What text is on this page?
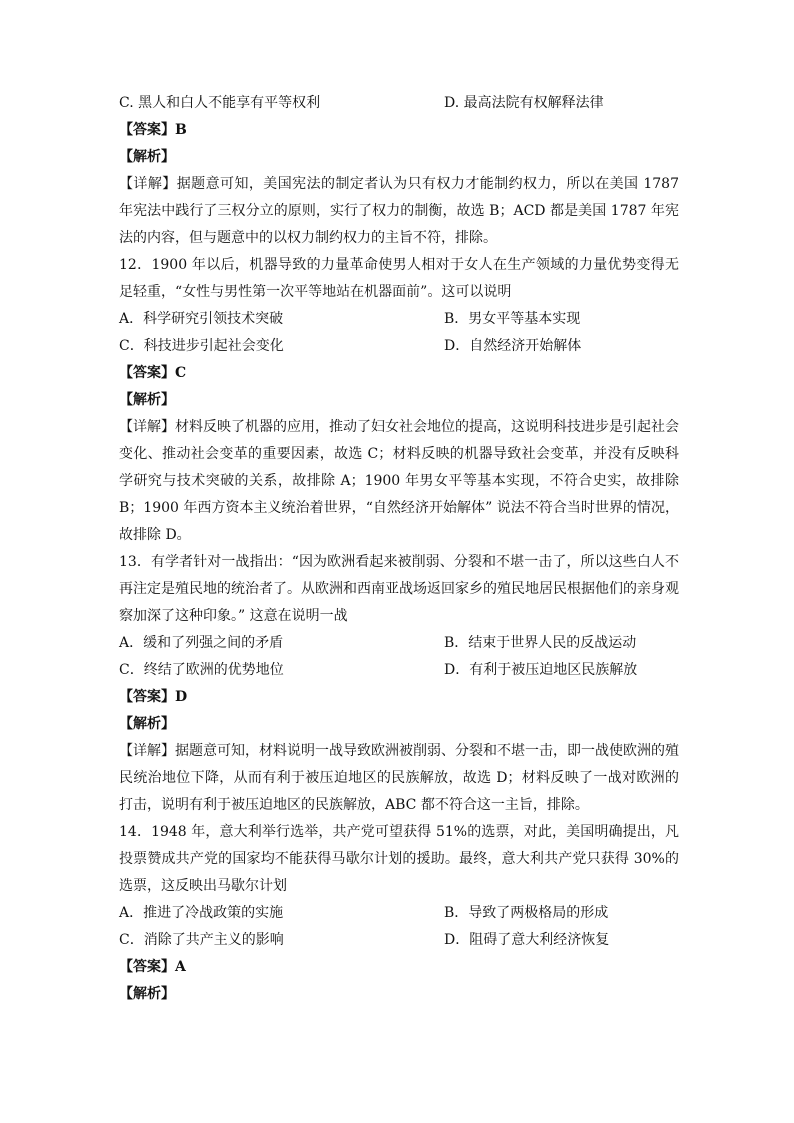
C. 黑人和白人不能享有平等权利	D. 最高法院有权解释法律
【答案】B
【解析】
【详解】据题意可知，美国宪法的制定者认为只有权力才能制约权力，所以在美国 1787 年宪法中践行了三权分立的原则，实行了权力的制衡，故选 B；ACD 都是美国 1787 年宪法的内容，但与题意中的以权力制约权力的主旨不符，排除。
12．1900 年以后，机器导致的力量革命使男人相对于女人在生产领域的力量优势变得无足轻重，“女性与男性第一次平等地站在机器面前”。这可以说明
A．科学研究引领技术突破	B．男女平等基本实现
C．科技进步引起社会变化	D．自然经济开始解体
【答案】C
【解析】
【详解】材料反映了机器的应用，推动了妇女社会地位的提高，这说明科技进步是引起社会变化、推动社会变革的重要因素，故选 C；材料反映的机器导致社会变革，并没有反映科学研究与技术突破的关系，故排除 A；1900 年男女平等基本实现，不符合史实，故排除 B；1900 年西方资本主义统治着世界，“自然经济开始解体” 说法不符合当时世界的情况，故排除 D。
13．有学者针对一战指出：“因为欧洲看起来被削弱、分裂和不堪一击了，所以这些白人不再注定是殖民地的统治者了。从欧洲和西南亚战场返回家乡的殖民地居民根据他们的亲身观察加深了这种印象。” 这意在说明一战
A．缓和了列强之间的矛盾	B．结束于世界人民的反战运动
C．终结了欧洲的优势地位	D．有利于被压迫地区民族解放
【答案】D
【解析】
【详解】据题意可知，材料说明一战导致欧洲被削弱、分裂和不堪一击，即一战使欧洲的殖民统治地位下降，从而有利于被压迫地区的民族解放，故选 D；材料反映了一战对欧洲的打击，说明有利于被压迫地区的民族解放，ABC 都不符合这一主旨，排除。
14．1948 年，意大利举行选举，共产党可望获得 51%的选票，对此，美国明确提出，凡投票赞成共产党的国家均不能获得马歇尔计划的援助。最终，意大利共产党只获得 30%的选票，这反映出马歇尔计划
A．推进了冷战政策的实施	B．导致了两极格局的形成
C．消除了共产主义的影响	D．阻碍了意大利经济恢复
【答案】A
【解析】
